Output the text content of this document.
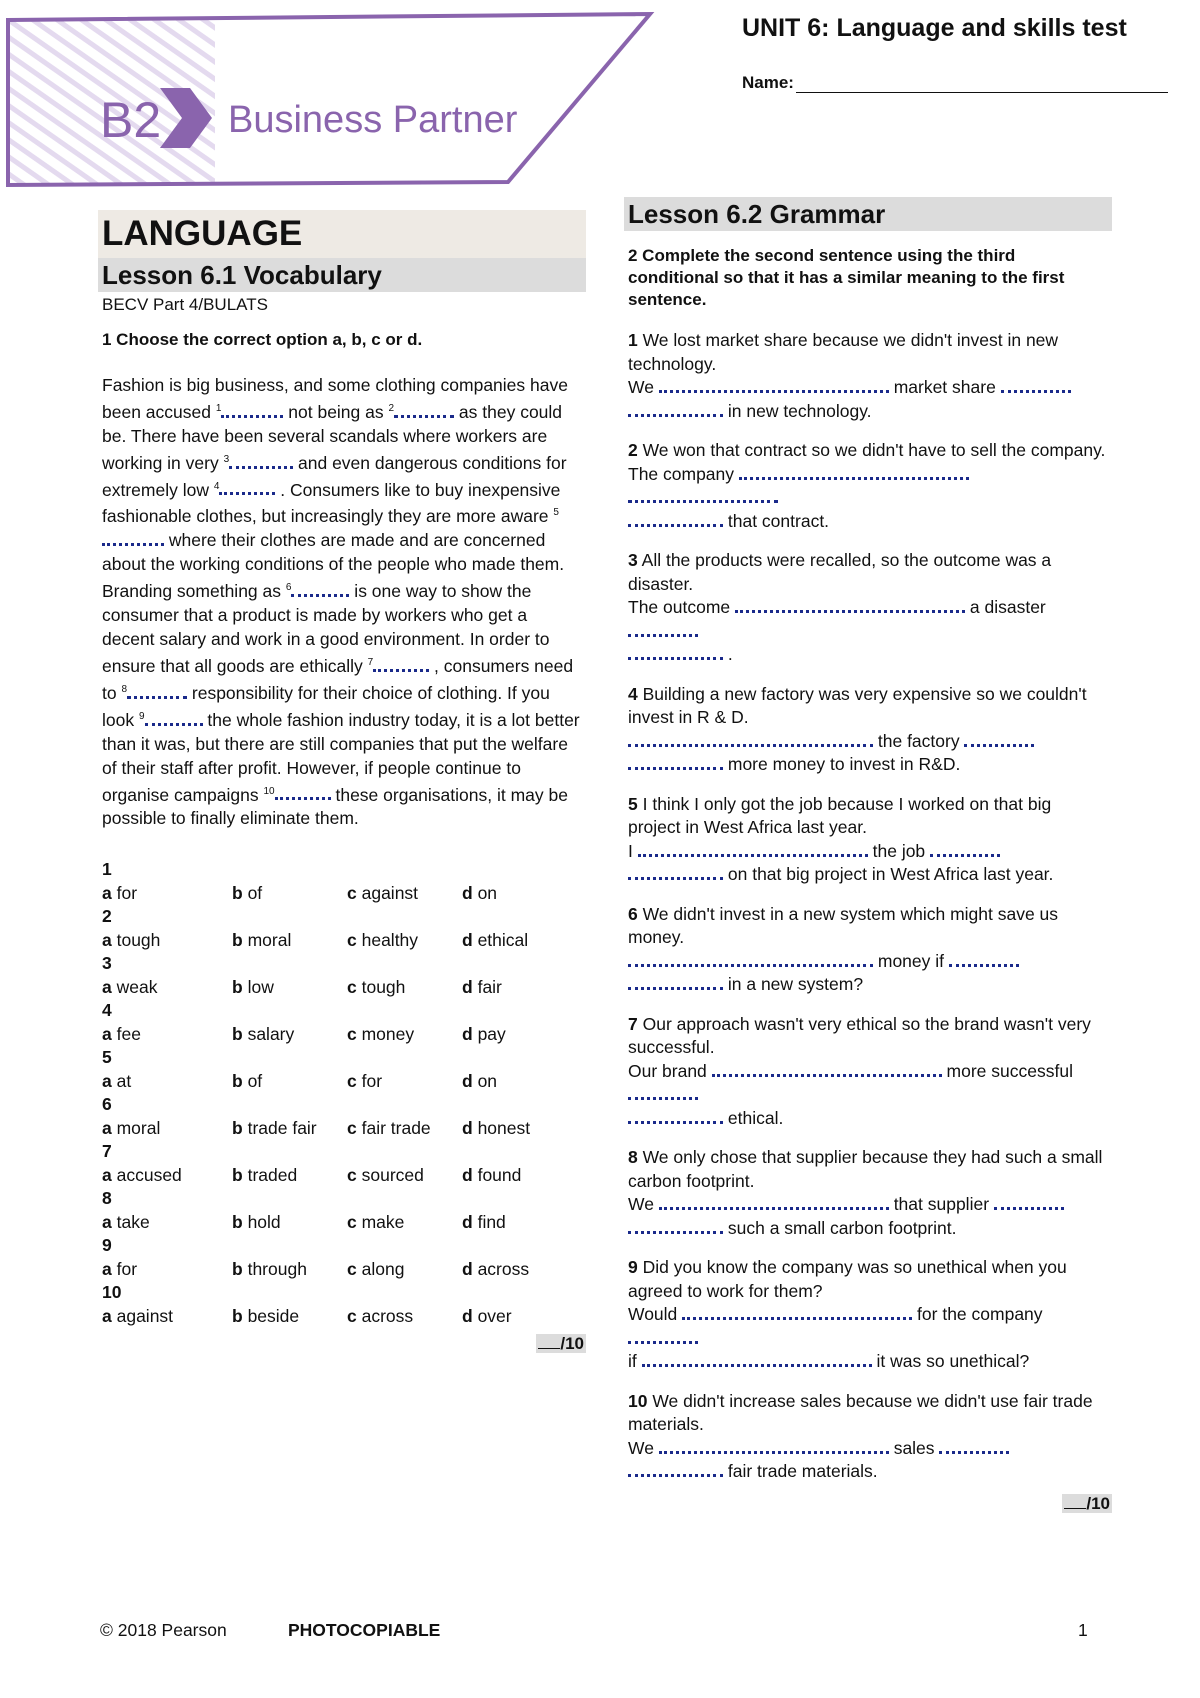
B2 Business Partner
UNIT 6: Language and skills test
Name:
LANGUAGE
Lesson 6.1 Vocabulary
BECV Part 4/BULATS
1 Choose the correct option a, b, c or d.
Fashion is big business, and some clothing companies have been accused $^1$	not being as $^2$	as they could be. There have been several scandals where workers are working in very $^3$	and even dangerous conditions for extremely low $^4$	. Consumers like to buy inexpensive fashionable clothes, but increasingly they are more aware $^5$ where their clothes are made and are concerned about the working conditions of the people who made them. Branding something as $^6$	is one way to show the consumer that a product is made by workers who get a decent salary and work in a good environment. In order to ensure that all goods are ethically $^7$	, consumers need to $^8$	responsibility for their choice of clothing. If you look $^9$	the whole fashion industry today, it is a lot better than it was, but there are still companies that put the welfare of their staff after profit. However, if people continue to organise campaigns $^{10}$	these organisations, it may be possible to finally eliminate them.
1
a for	b of	c against	d on
2
a tough	b moral	c healthy	d ethical
3
a weak	b low	c tough	d fair
4
a fee	b salary	c money	d pay
5
a at	b of	c for	d on
6
a moral	b trade fair	c fair trade	d honest
7
a accused	b traded	c sourced	d found
8
a take	b hold	c make	d find
9
a for	b through	c along	d across
10
a against	b beside	c across	d over
/10
Lesson 6.2 Grammar
2 Complete the second sentence using the third conditional so that it has a similar meaning to the first sentence.
1 We lost market share because we didn't invest in new technology.
We	market share
in new technology.
2 We won that contract so we didn't have to sell the company.
The company
that contract.
3 All the products were recalled, so the outcome was a disaster.
The outcome	a disaster
.
4 Building a new factory was very expensive so we couldn't invest in R & D.
the factory
more money to invest in R&D.
5 I think I only got the job because I worked on that big project in West Africa last year.
I	the job
on that big project in West Africa last year.
6 We didn't invest in a new system which might save us money.
money if
in a new system?
7 Our approach wasn't very ethical so the brand wasn't very successful.
Our brand	more successful
ethical.
8 We only chose that supplier because they had such a small carbon footprint.
We	that supplier
such a small carbon footprint.
9 Did you know the company was so unethical when you agreed to work for them?
Would	for the company
if	it was so unethical?
10 We didn't increase sales because we didn't use fair trade materials.
We	sales
fair trade materials.
/10
© 2018 Pearson	PHOTOCOPIABLE	1
